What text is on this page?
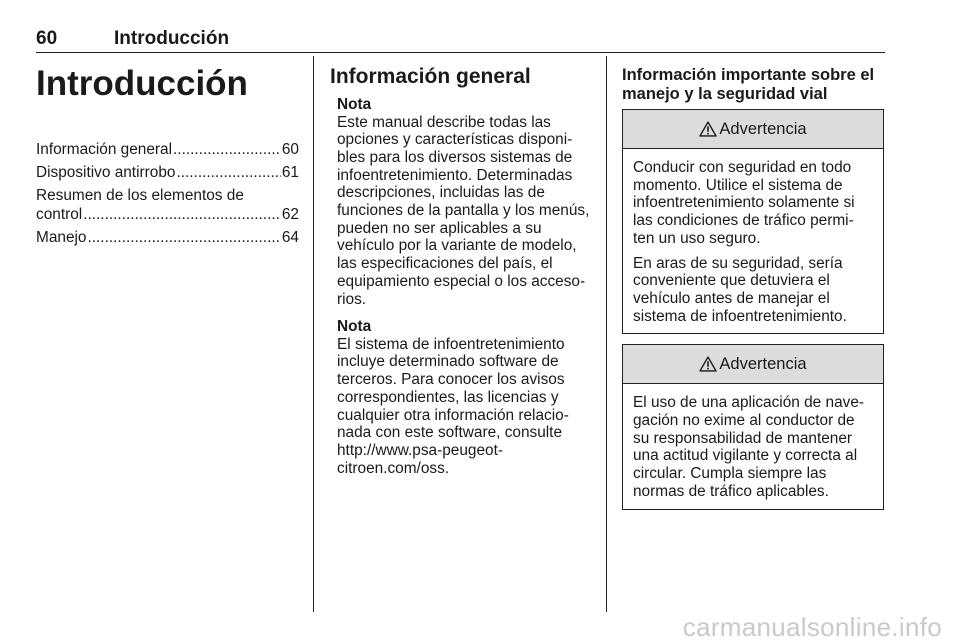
60	Introducción
Introducción
Información general .....	60
Dispositivo antirrobo .....	61
Resumen de los elementos de
control .....	62
Manejo .....	64
Información general
Nota
Este manual describe todas las
opciones y características disponi-
bles para los diversos sistemas de
infoentretenimiento. Determinadas
descripciones, incluidas las de
funciones de la pantalla y los menús,
pueden no ser aplicables a su
vehículo por la variante de modelo,
las especificaciones del país, el
equipamiento especial o los acceso-
rios.
Nota
El sistema de infoentretenimiento
incluye determinado software de
terceros. Para conocer los avisos
correspondientes, las licencias y
cualquier otra información relacio-
nada con este software, consulte
http://www.psa-peugeot-
citroen.com/oss.
Información importante sobre el
manejo y la seguridad vial
Advertencia
Conducir con seguridad en todo
momento. Utilice el sistema de
infoentretenimiento solamente si
las condiciones de tráfico permi-
ten un uso seguro.
En aras de su seguridad, sería
conveniente que detuviera el
vehículo antes de manejar el
sistema de infoentretenimiento.
Advertencia
El uso de una aplicación de nave-
gación no exime al conductor de
su responsabilidad de mantener
una actitud vigilante y correcta al
circular. Cumpla siempre las
normas de tráfico aplicables.
carmanualsonline.info
